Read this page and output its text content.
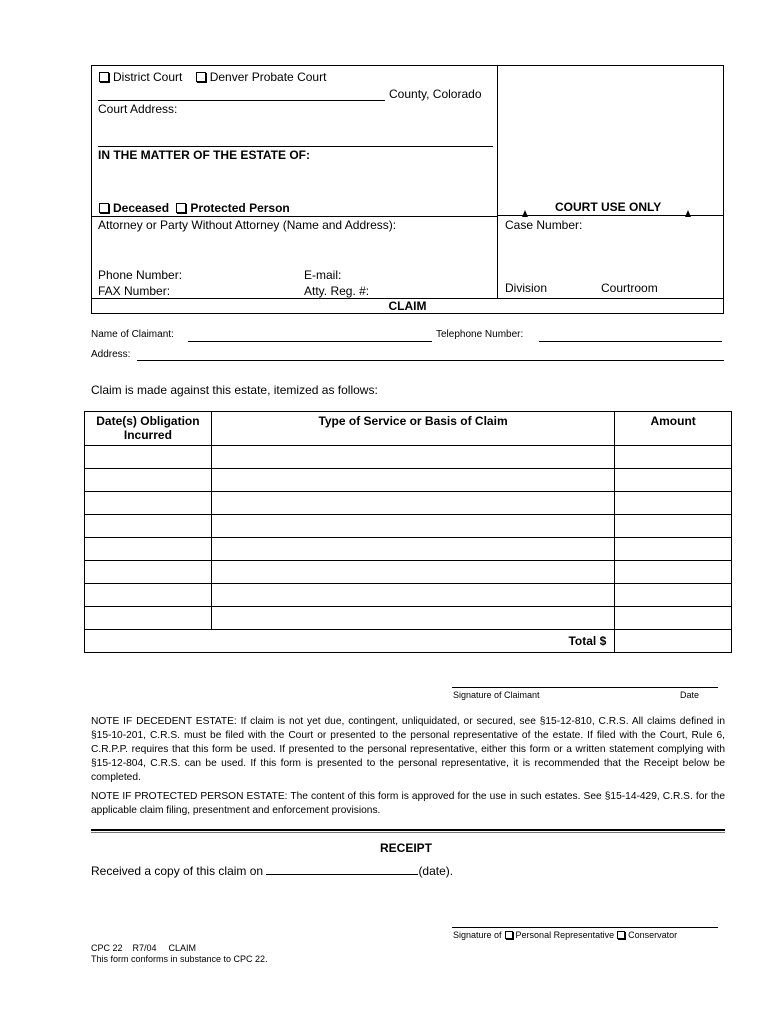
District Court Denver Probate Court
County, Colorado
Court Address:
IN THE MATTER OF THE ESTATE OF:
Deceased Protected Person	COURT USE ONLY
Attorney or Party Without Attorney (Name and Address):	Case Number:
Phone Number:	E-mail:
FAX Number:	Atty. Reg. #:	Division	Courtroom
CLAIM
Name of Claimant:	Telephone Number:
Address:
Claim is made against this estate, itemized as follows:
Date(s) Obligation Incurred	Type of Service or Basis of Claim	Amount

Total $		
Signature of Claimant	Date
NOTE IF DECEDENT ESTATE: If claim is not yet due, contingent, unliquidated, or secured, see §15-12-810, C.R.S. All claims defined in §15-10-201, C.R.S. must be filed with the Court or presented to the personal representative of the estate. If filed with the Court, Rule 6, C.R.P.P. requires that this form be used. If presented to the personal representative, either this form or a written statement complying with §15-12-804, C.R.S. can be used. If this form is presented to the personal representative, it is recommended that the Receipt below be completed.
NOTE IF PROTECTED PERSON ESTATE: The content of this form is approved for the use in such estates. See §15-14-429, C.R.S. for the applicable claim filing, presentment and enforcement provisions.
RECEIPT
Received a copy of this claim on	(date).
Signature of Personal Representative Conservator
CPC 22 R7/04 CLAIM
This form conforms in substance to CPC 22.
